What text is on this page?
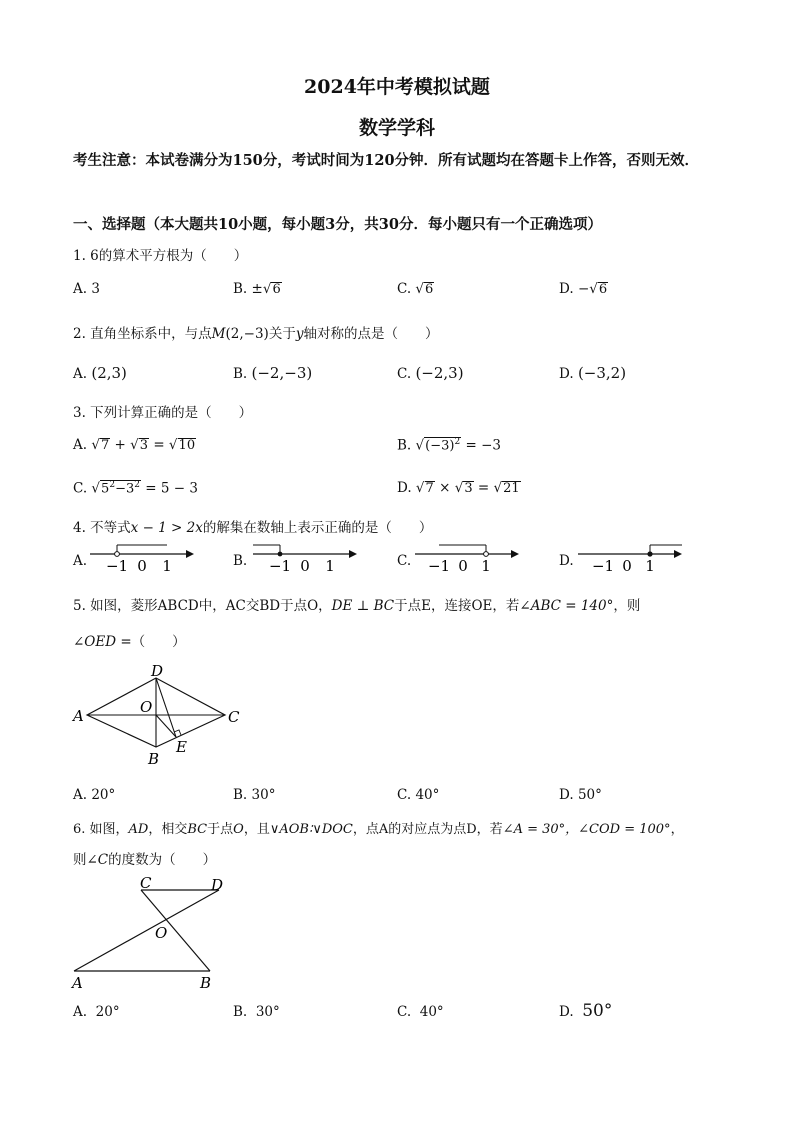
2024年中考模拟试题
数学学科
考生注意：本试卷满分为150分，考试时间为120分钟．所有试题均在答题卡上作答，否则无效．
一、选择题（本大题共10小题，每小题3分，共30分．每小题只有一个正确选项）
1. 6的算术平方根为（　　）
A. 3	B. ±√6	C. √6	D. −√6
2. 直角坐标系中，与点M(2,−3)关于y轴对称的点是（　　）
A. (2,3)	B. (−2,−3)	C. (−2,3)	D. (−3,2)
3. 下列计算正确的是（　　）
A. √7 + √3 = √10	B. $√(-3)^2 = -3$
C. $√5^2-3^2 = 5 - 3$	D. √7 × √3 = √21
4. 不等式x − 1 > 2x的解集在数轴上表示正确的是（　　）
A.	B.	C.	D.
−1 0 1	−1 0 1	−1 0 1	−1 0 1
5. 如图，菱形ABCD中，AC交BD于点O，DE ⊥ BC于点E，连接OE，若∠ABC = 140°，则
∠OED =（　　）
A
D
C
B
O
E
A. 20°	B. 30°	C. 40°	D. 50°
6. 如图，AD，相交BC于点O，且∨AOB∶∨DOC，点A的对应点为点D，若∠A = 30°，∠COD = 100°，
则∠C的度数为（　　）
C	D
O
A	B
A. 20°	B. 30°	C. 40°	D. 50°
